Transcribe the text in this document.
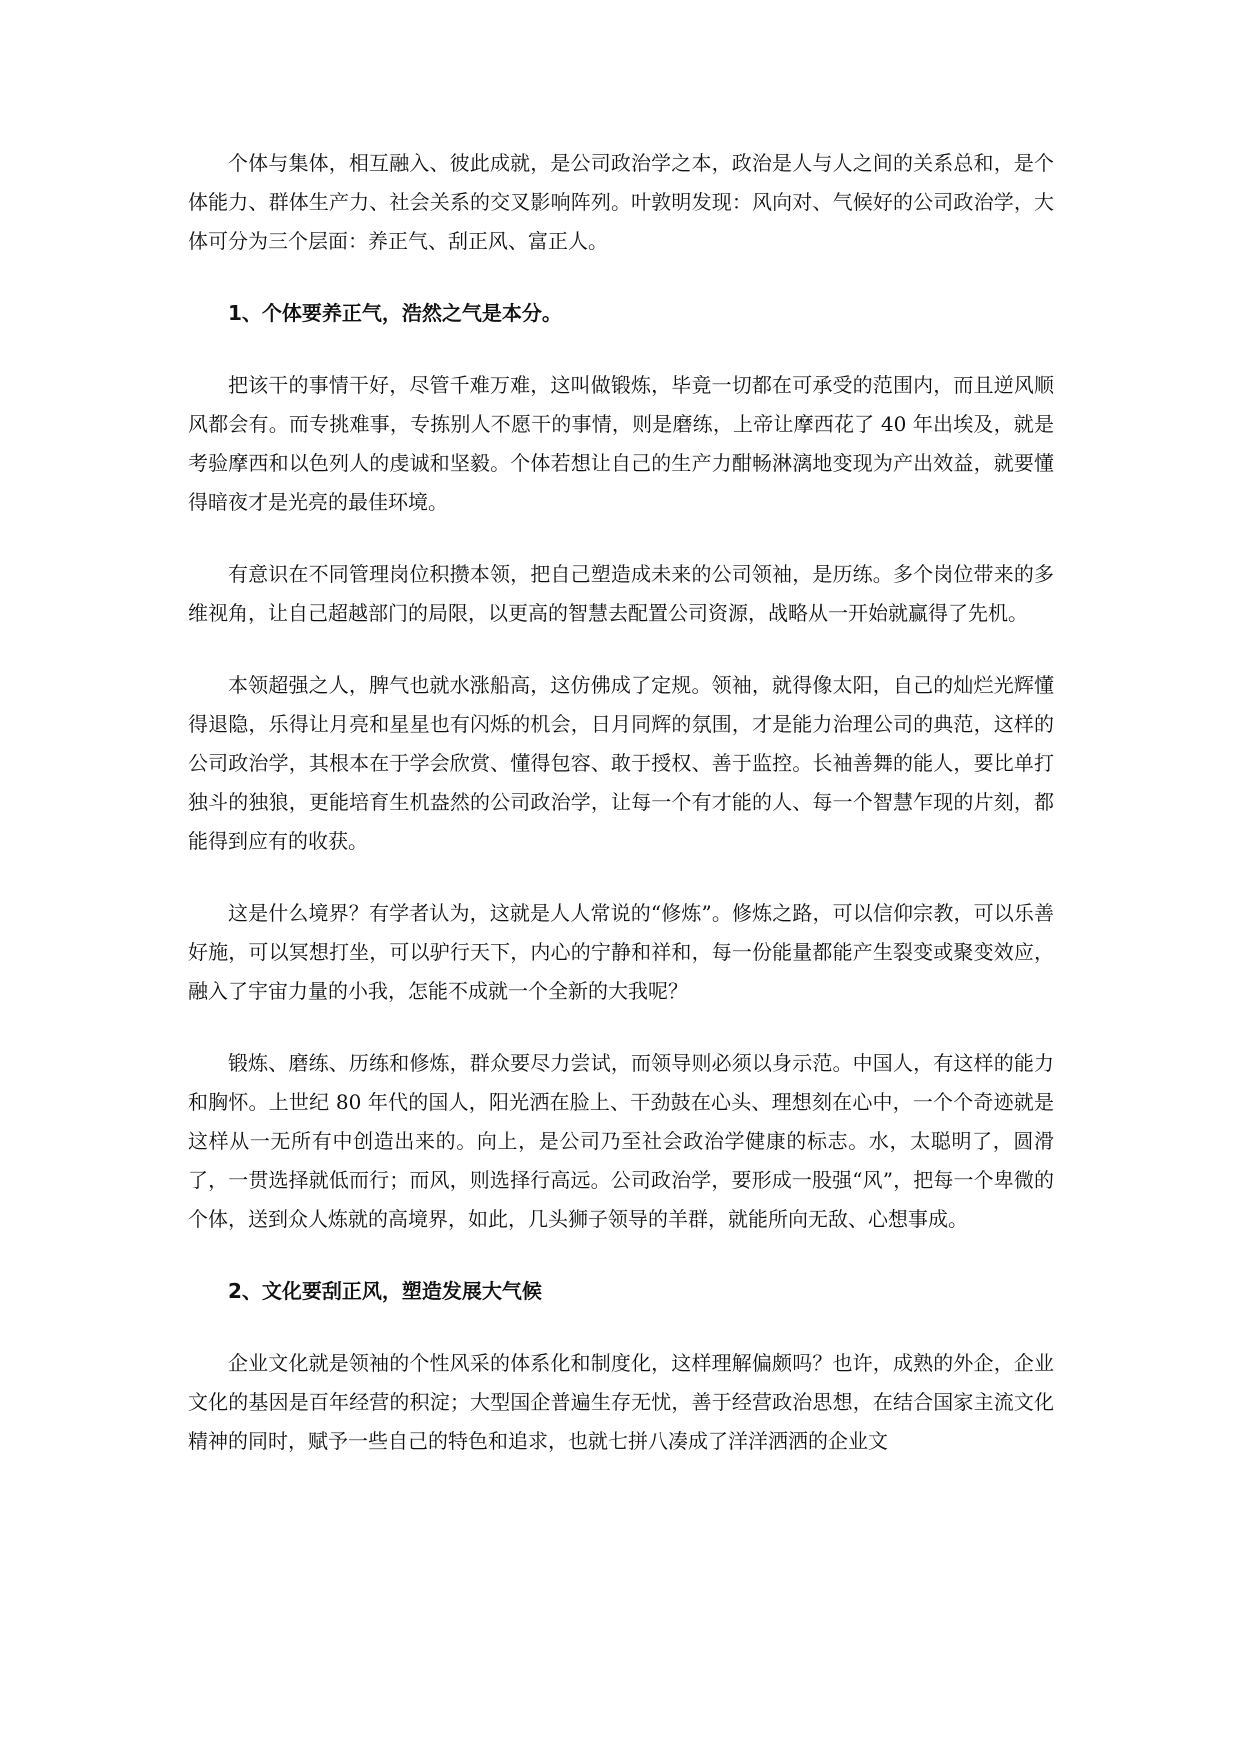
个体与集体，相互融入、彼此成就，是公司政治学之本，政治是人与人之间的关系总和，是个体能力、群体生产力、社会关系的交叉影响阵列。叶敦明发现：风向对、气候好的公司政治学，大体可分为三个层面：养正气、刮正风、富正人。

1、个体要养正气，浩然之气是本分。

把该干的事情干好，尽管千难万难，这叫做锻炼，毕竟一切都在可承受的范围内，而且逆风顺风都会有。而专挑难事，专拣别人不愿干的事情，则是磨练，上帝让摩西花了 40 年出埃及，就是考验摩西和以色列人的虔诚和坚毅。个体若想让自己的生产力酣畅淋漓地变现为产出效益，就要懂得暗夜才是光亮的最佳环境。

有意识在不同管理岗位积攒本领，把自己塑造成未来的公司领袖，是历练。多个岗位带来的多维视角，让自己超越部门的局限，以更高的智慧去配置公司资源，战略从一开始就赢得了先机。

本领超强之人，脾气也就水涨船高，这仿佛成了定规。领袖，就得像太阳，自己的灿烂光辉懂得退隐，乐得让月亮和星星也有闪烁的机会，日月同辉的氛围，才是能力治理公司的典范，这样的公司政治学，其根本在于学会欣赏、懂得包容、敢于授权、善于监控。长袖善舞的能人，要比单打独斗的独狼，更能培育生机盎然的公司政治学，让每一个有才能的人、每一个智慧乍现的片刻，都能得到应有的收获。

这是什么境界？有学者认为，这就是人人常说的“修炼”。修炼之路，可以信仰宗教，可以乐善好施，可以冥想打坐，可以驴行天下，内心的宁静和祥和，每一份能量都能产生裂变或聚变效应，融入了宇宙力量的小我，怎能不成就一个全新的大我呢？

锻炼、磨练、历练和修炼，群众要尽力尝试，而领导则必须以身示范。中国人，有这样的能力和胸怀。上世纪 80 年代的国人，阳光洒在脸上、干劲鼓在心头、理想刻在心中，一个个奇迹就是这样从一无所有中创造出来的。向上，是公司乃至社会政治学健康的标志。水，太聪明了，圆滑了，一贯选择就低而行；而风，则选择行高远。公司政治学，要形成一股强“风”，把每一个卑微的个体，送到众人炼就的高境界，如此，几头狮子领导的羊群，就能所向无敌、心想事成。

2、文化要刮正风，塑造发展大气候

企业文化就是领袖的个性风采的体系化和制度化，这样理解偏颇吗？也许，成熟的外企，企业文化的基因是百年经营的积淀；大型国企普遍生存无忧，善于经营政治思想，在结合国家主流文化精神的同时，赋予一些自己的特色和追求，也就七拼八凑成了洋洋洒洒的企业文
